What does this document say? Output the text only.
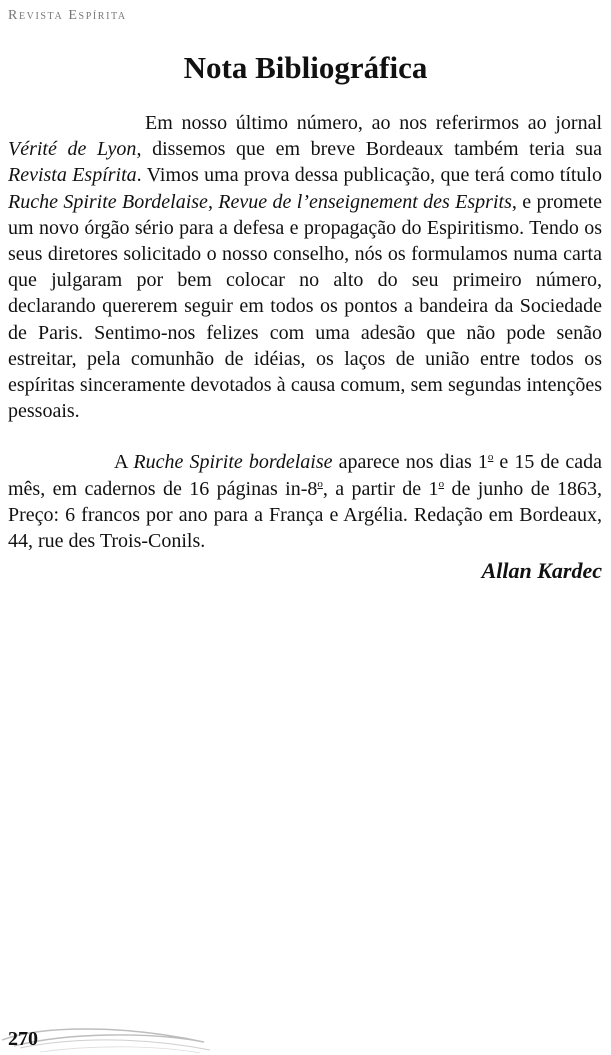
Revista Espírita
Nota Bibliográfica

Em nosso último número, ao nos referirmos ao jornal Vérité de Lyon, dissemos que em breve Bordeaux também teria sua Revista Espírita. Vimos uma prova dessa publicação, que terá como título Ruche Spirite Bordelaise, Revue de l’enseignement des Esprits, e promete um novo órgão sério para a defesa e propagação do Espiritismo. Tendo os seus diretores solicitado o nosso conselho, nós os formulamos numa carta que julgaram por bem colocar no alto do seu primeiro número, declarando quererem seguir em todos os pontos a bandeira da Sociedade de Paris. Sentimo-nos felizes com uma adesão que não pode senão estreitar, pela comunhão de idéias, os laços de união entre todos os espíritas sinceramente devotados à causa comum, sem segundas intenções pessoais.

A Ruche Spirite bordelaise aparece nos dias 1$^o$ e 15 de cada mês, em cadernos de 16 páginas in-8$^o$, a partir de 1$^o$ de junho de 1863, Preço: 6 francos por ano para a França e Argélia. Redação em Bordeaux, 44, rue des Trois-Conils.

Allan Kardec

270
